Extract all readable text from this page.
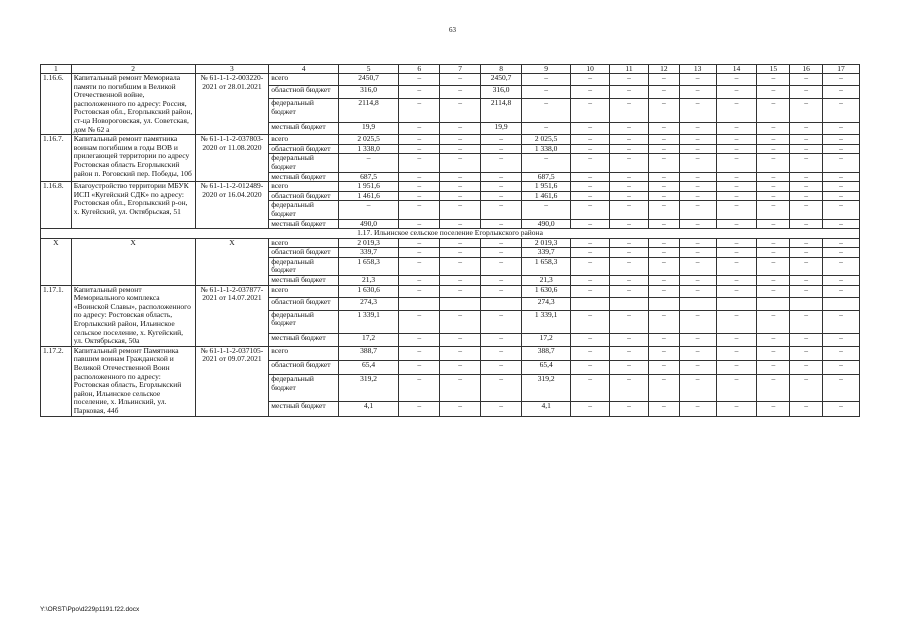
63
1	2	3	4	5	6	7	8	9	10	11	12	13	14	15	16	17
1.16.6.	Капитальный ремонт Мемориала памяти по погибшим в Великой Отечественной войне, расположенного по адресу: Россия, Ростовская обл., Егорлыкский район, ст-ца Новороговская, ул. Советская, дом № 62 а	№ 61-1-1-2-003220-2021 от 28.01.2021	всего	2450,7	–	–	2450,7	–	–	–	–	–	–	–	–	–
			областной бюджет	316,0	–	–	316,0	–	–	–	–	–	–	–	–	–
			федеральный бюджет	2114,8	–	–	2114,8	–	–	–	–	–	–	–	–	–
			местный бюджет	19,9	–	–	19,9	–	–	–	–	–	–	–	–	–
1.16.7.	Капитальный ремонт памятника воинам погибшим в годы ВОВ и прилегающей территории по адресу Ростовская область Егорлыкский район п. Роговский пер. Победы, 10б	№ 61-1-1-2-037803-2020 от 11.08.2020	всего	2 025,5	–	–	–	2 025,5	–	–	–	–	–	–	–	–
			областной бюджет	1 338,0	–	–	–	1 338,0	–	–	–	–	–	–	–	–
			федеральный бюджет	–	–	–	–	–	–	–	–	–	–	–	–	–
			местный бюджет	687,5	–	–	–	687,5	–	–	–	–	–	–	–	–
1.16.8.	Благоустройство территории МБУК ИСП «Кугейский СДК» по адресу: Ростовская обл., Егорлыкский р-он, х. Кугейский, ул. Октябрьская, 51	№ 61-1-1-2-012489-2020 от 16.04.2020	всего	1 951,6	–	–	–	1 951,6	–	–	–	–	–	–	–	–
			областной бюджет	1 461,6	–	–	–	1 461,6	–	–	–	–	–	–	–	–
			федеральный бюджет	–	–	–	–	–	–	–	–	–	–	–	–	–
			местный бюджет	490,0	–	–	–	490,0	–	–	–	–	–	–	–	–
1.17. Ильинское сельское поселение Егорлыкского района																
Х	Х	Х	всего	2 019,3	–	–	–	2 019,3	–	–	–	–	–	–	–	–
			областной бюджет	339,7	–	–	–	339,7	–	–	–	–	–	–	–	–
			федеральный бюджет	1 658,3	–	–	–	1 658,3	–	–	–	–	–	–	–	–
			местный бюджет	21,3	–	–	–	21,3	–	–	–	–	–	–	–	–
1.17.1.	Капитальный ремонт Мемориального комплекса «Воинской Славы», расположенного по адресу: Ростовская область, Егорлыкский район, Ильинское сельское поселение, х. Кугейский, ул. Октябрьская, 50а	№ 61-1-1-2-037877-2021 от 14.07.2021	всего	1 630,6	–	–	–	1 630,6	–	–	–	–	–	–	–	–
			областной бюджет	274,3				274,3								
			федеральный бюджет	1 339,1	–	–	–	1 339,1	–	–	–	–	–	–	–	–
			местный бюджет	17,2	–	–	–	17,2	–	–	–	–	–	–	–	–
1.17.2.	Капитальный ремонт Памятника павшим воинам Гражданской и Великой Отечественной Воин расположенного по адресу: Ростовская область, Егорлыкский район, Ильинское сельское поселение, х. Ильинский, ул. Парковая, 44б	№ 61-1-1-2-037105-2021 от 09.07.2021	всего	388,7	–	–	–	388,7	–	–	–	–	–	–	–	–
			областной бюджет	65,4	–	–	–	65,4	–	–	–	–	–	–	–	–
			федеральный бюджет	319,2	–	–	–	319,2	–	–	–	–	–	–	–	–
			местный бюджет	4,1	–	–	–	4,1	–	–	–	–	–	–	–	–
Y:\ORST\Ppo\d229p1191.f22.docx
